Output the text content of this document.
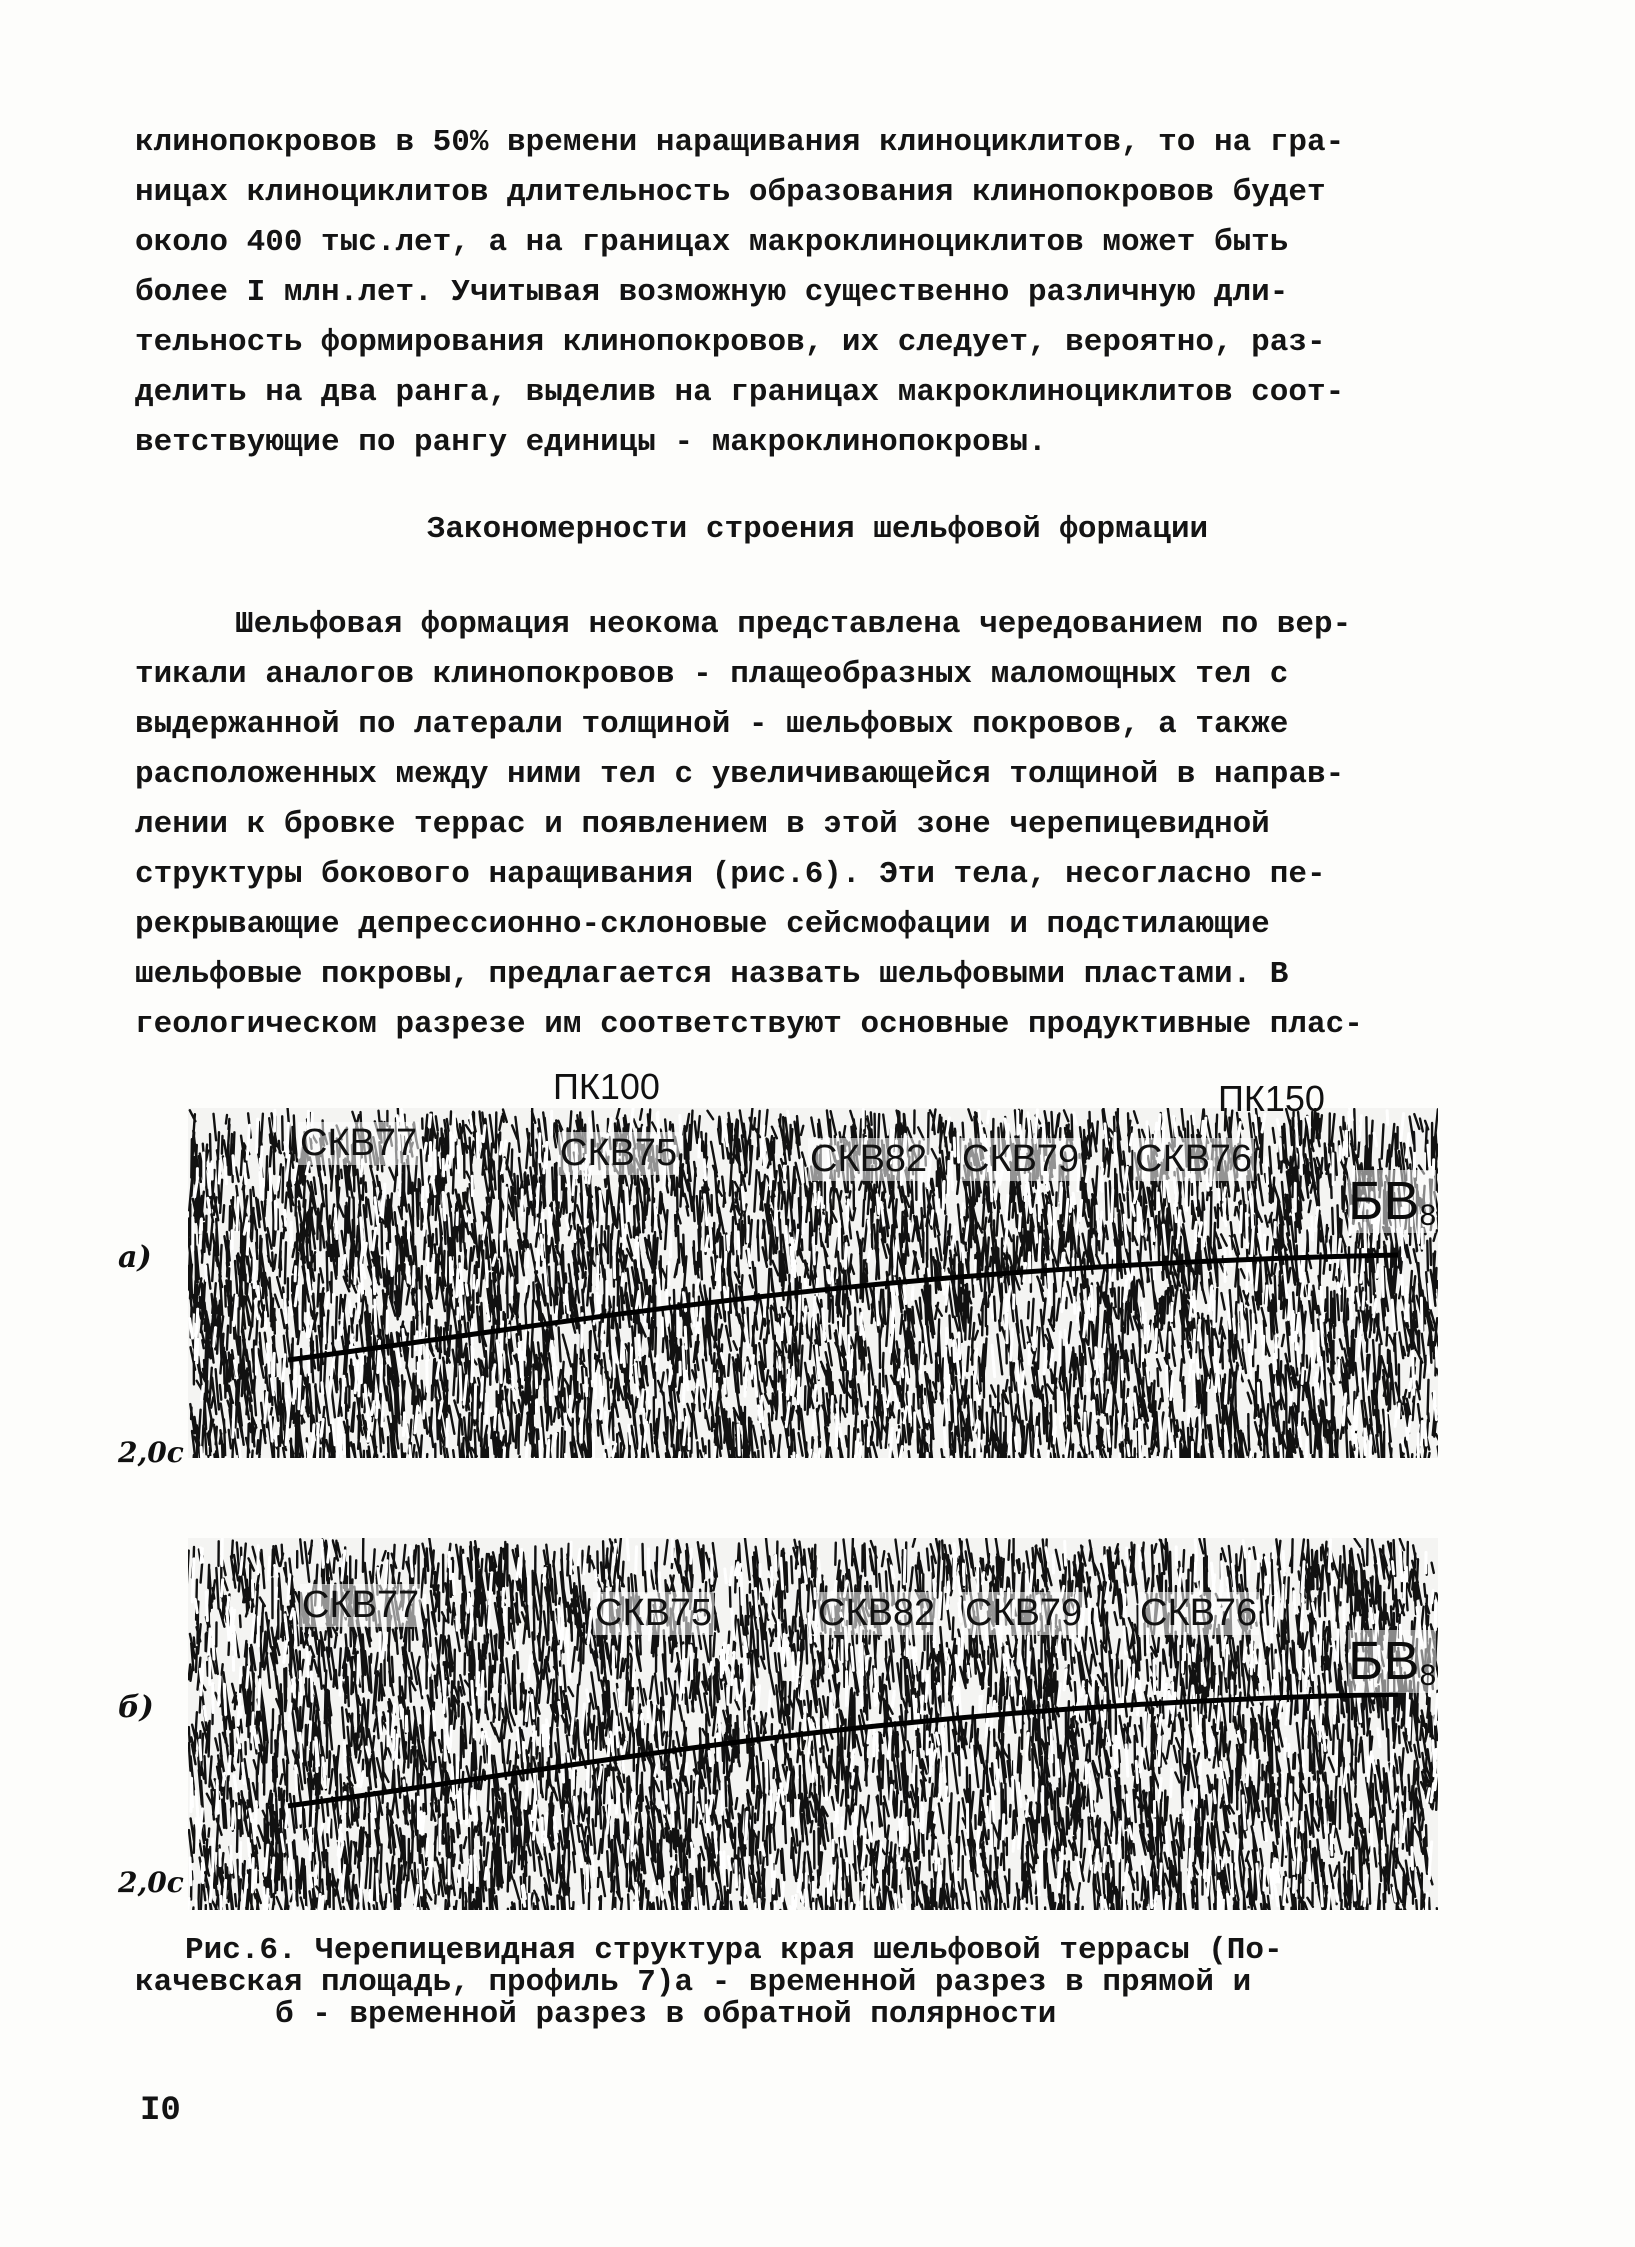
клинопокровов в 50% времени наращивания клиноциклитов, то на гра-
ницах клиноциклитов длительность образования клинопокровов будет
около 400 тыс.лет, а на границах макроклиноциклитов может быть
более I млн.лет. Учитывая возможную существенно различную дли-
тельность формирования клинопокровов, их следует, вероятно, раз-
делить на два ранга, выделив на границах макроклиноциклитов соот-
ветствующие по рангу единицы - макроклинопокровы.
Закономерности строения шельфовой формации
Шельфовая формация неокома представлена чередованием по вер-
тикали аналогов клинопокровов - плащеобразных маломощных тел с
выдержанной по латерали толщиной - шельфовых покровов, а также
расположенных между ними тел с увеличивающейся толщиной в направ-
лении к бровке террас и появлением в этой зоне черепицевидной
структуры бокового наращивания (рис.6). Эти тела, несогласно пе-
рекрывающие депрессионно-склоновые сейсмофации и подстилающие
шельфовые покровы, предлагается назвать шельфовыми пластами. В
геологическом разрезе им соответствуют основные продуктивные плас-
ПК100	ПК150
СКВ77	СКВ75	СКВ82 СКВ79 СКВ76
$БВ_8$
а)
2,0с
СКВ77	СКВ75	СКВ82 СКВ79 СКВ76
$БВ_8$
б)
2,0с
Рис.6. Черепицевидная структура края шельфовой террасы (По-
качевская площадь, профиль 7)а - временной разрез в прямой и
б - временной разрез в обратной полярности
I0
